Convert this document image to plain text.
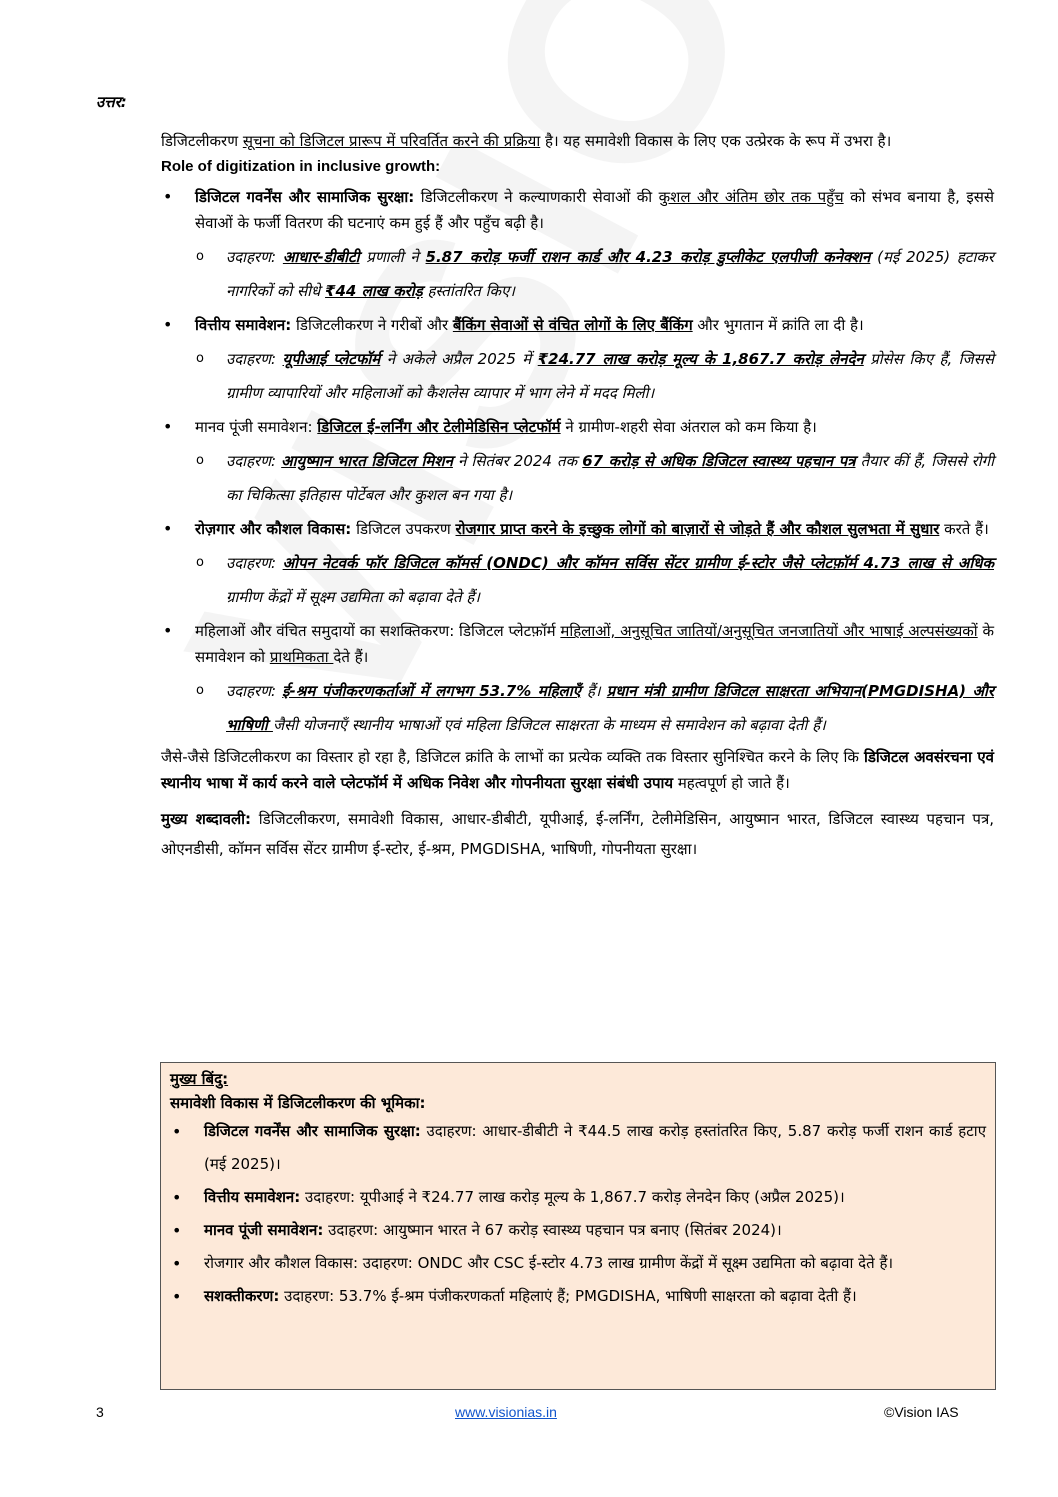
उत्तर:

डिजिटलीकरण सूचना को डिजिटल प्रारूप में परिवर्तित करने की प्रक्रिया है। यह समावेशी विकास के लिए एक उत्प्रेरक के रूप में उभरा है।

Role of digitization in inclusive growth:

• डिजिटल गवर्नेंस और सामाजिक सुरक्षा: डिजिटलीकरण ने कल्याणकारी सेवाओं की कुशल और अंतिम छोर तक पहुँच को संभव बनाया है, इससे सेवाओं के फर्जी वितरण की घटनाएं कम हुई हैं और पहुँच बढ़ी है।
o उदाहरण: आधार-डीबीटी प्रणाली ने 5.87 करोड़ फर्जी राशन कार्ड और 4.23 करोड़ डुप्लीकेट एलपीजी कनेक्शन (मई 2025) हटाकर नागरिकों को सीधे ₹44 लाख करोड़ हस्तांतरित किए।
• वित्तीय समावेशन: डिजिटलीकरण ने गरीबों और बैंकिंग सेवाओं से वंचित लोगों के लिए बैंकिंग और भुगतान में क्रांति ला दी है।
o उदाहरण: यूपीआई प्लेटफॉर्म ने अकेले अप्रैल 2025 में ₹24.77 लाख करोड़ मूल्य के 1,867.7 करोड़ लेनदेन प्रोसेस किए हैं, जिससे ग्रामीण व्यापारियों और महिलाओं को कैशलेस व्यापार में भाग लेने में मदद मिली।
• मानव पूंजी समावेशन: डिजिटल ई-लर्निंग और टेलीमेडिसिन प्लेटफॉर्म ने ग्रामीण-शहरी सेवा अंतराल को कम किया है।
o उदाहरण: आयुष्मान भारत डिजिटल मिशन ने सितंबर 2024 तक 67 करोड़ से अधिक डिजिटल स्वास्थ्य पहचान पत्र तैयार कीं हैं, जिससे रोगी का चिकित्सा इतिहास पोर्टेबल और कुशल बन गया है।
• रोज़गार और कौशल विकास: डिजिटल उपकरण रोजगार प्राप्त करने के इच्छुक लोगों को बाज़ारों से जोड़ते हैं और कौशल सुलभता में सुधार करते हैं।
o उदाहरण: ओपन नेटवर्क फॉर डिजिटल कॉमर्स (ONDC) और कॉमन सर्विस सेंटर ग्रामीण ई-स्टोर जैसे प्लेटफ़ॉर्म 4.73 लाख से अधिक ग्रामीण केंद्रों में सूक्ष्म उद्यमिता को बढ़ावा देते हैं।
• महिलाओं और वंचित समुदायों का सशक्तिकरण: डिजिटल प्लेटफ़ॉर्म महिलाओं, अनुसूचित जातियों/अनुसूचित जनजातियों और भाषाई अल्पसंख्यकों के समावेशन को प्राथमिकता देते हैं।
o उदाहरण: ई-श्रम पंजीकरणकर्ताओं में लगभग 53.7% महिलाएँ हैं। प्रधान मंत्री ग्रामीण डिजिटल साक्षरता अभियान(PMGDISHA) और भाषिणी जैसी योजनाएँ स्थानीय भाषाओं एवं महिला डिजिटल साक्षरता के माध्यम से समावेशन को बढ़ावा देती हैं।

जैसे-जैसे डिजिटलीकरण का विस्तार हो रहा है, डिजिटल क्रांति के लाभों का प्रत्येक व्यक्ति तक विस्तार सुनिश्चित करने के लिए कि डिजिटल अवसंरचना एवं स्थानीय भाषा में कार्य करने वाले प्लेटफॉर्म में अधिक निवेश और गोपनीयता सुरक्षा संबंधी उपाय महत्वपूर्ण हो जाते हैं।

मुख्य शब्दावली: डिजिटलीकरण, समावेशी विकास, आधार-डीबीटी, यूपीआई, ई-लर्निंग, टेलीमेडिसिन, आयुष्मान भारत, डिजिटल स्वास्थ्य पहचान पत्र, ओएनडीसी, कॉमन सर्विस सेंटर ग्रामीण ई-स्टोर, ई-श्रम, PMGDISHA, भाषिणी, गोपनीयता सुरक्षा।

मुख्य बिंदु:
समावेशी विकास में डिजिटलीकरण की भूमिका:
• डिजिटल गवर्नेंस और सामाजिक सुरक्षा: उदाहरण: आधार-डीबीटी ने ₹44.5 लाख करोड़ हस्तांतरित किए, 5.87 करोड़ फर्जी राशन कार्ड हटाए (मई 2025)।
• वित्तीय समावेशन: उदाहरण: यूपीआई ने ₹24.77 लाख करोड़ मूल्य के 1,867.7 करोड़ लेनदेन किए (अप्रैल 2025)।
• मानव पूंजी समावेशन: उदाहरण: आयुष्मान भारत ने 67 करोड़ स्वास्थ्य पहचान पत्र बनाए (सितंबर 2024)।
• रोजगार और कौशल विकास: उदाहरण: ONDC और CSC ई-स्टोर 4.73 लाख ग्रामीण केंद्रों में सूक्ष्म उद्यमिता को बढ़ावा देते हैं।
• सशक्तीकरण: उदाहरण: 53.7% ई-श्रम पंजीकरणकर्ता महिलाएं हैं; PMGDISHA, भाषिणी साक्षरता को बढ़ावा देती हैं।
3	www.visionias.in	©Vision IAS
